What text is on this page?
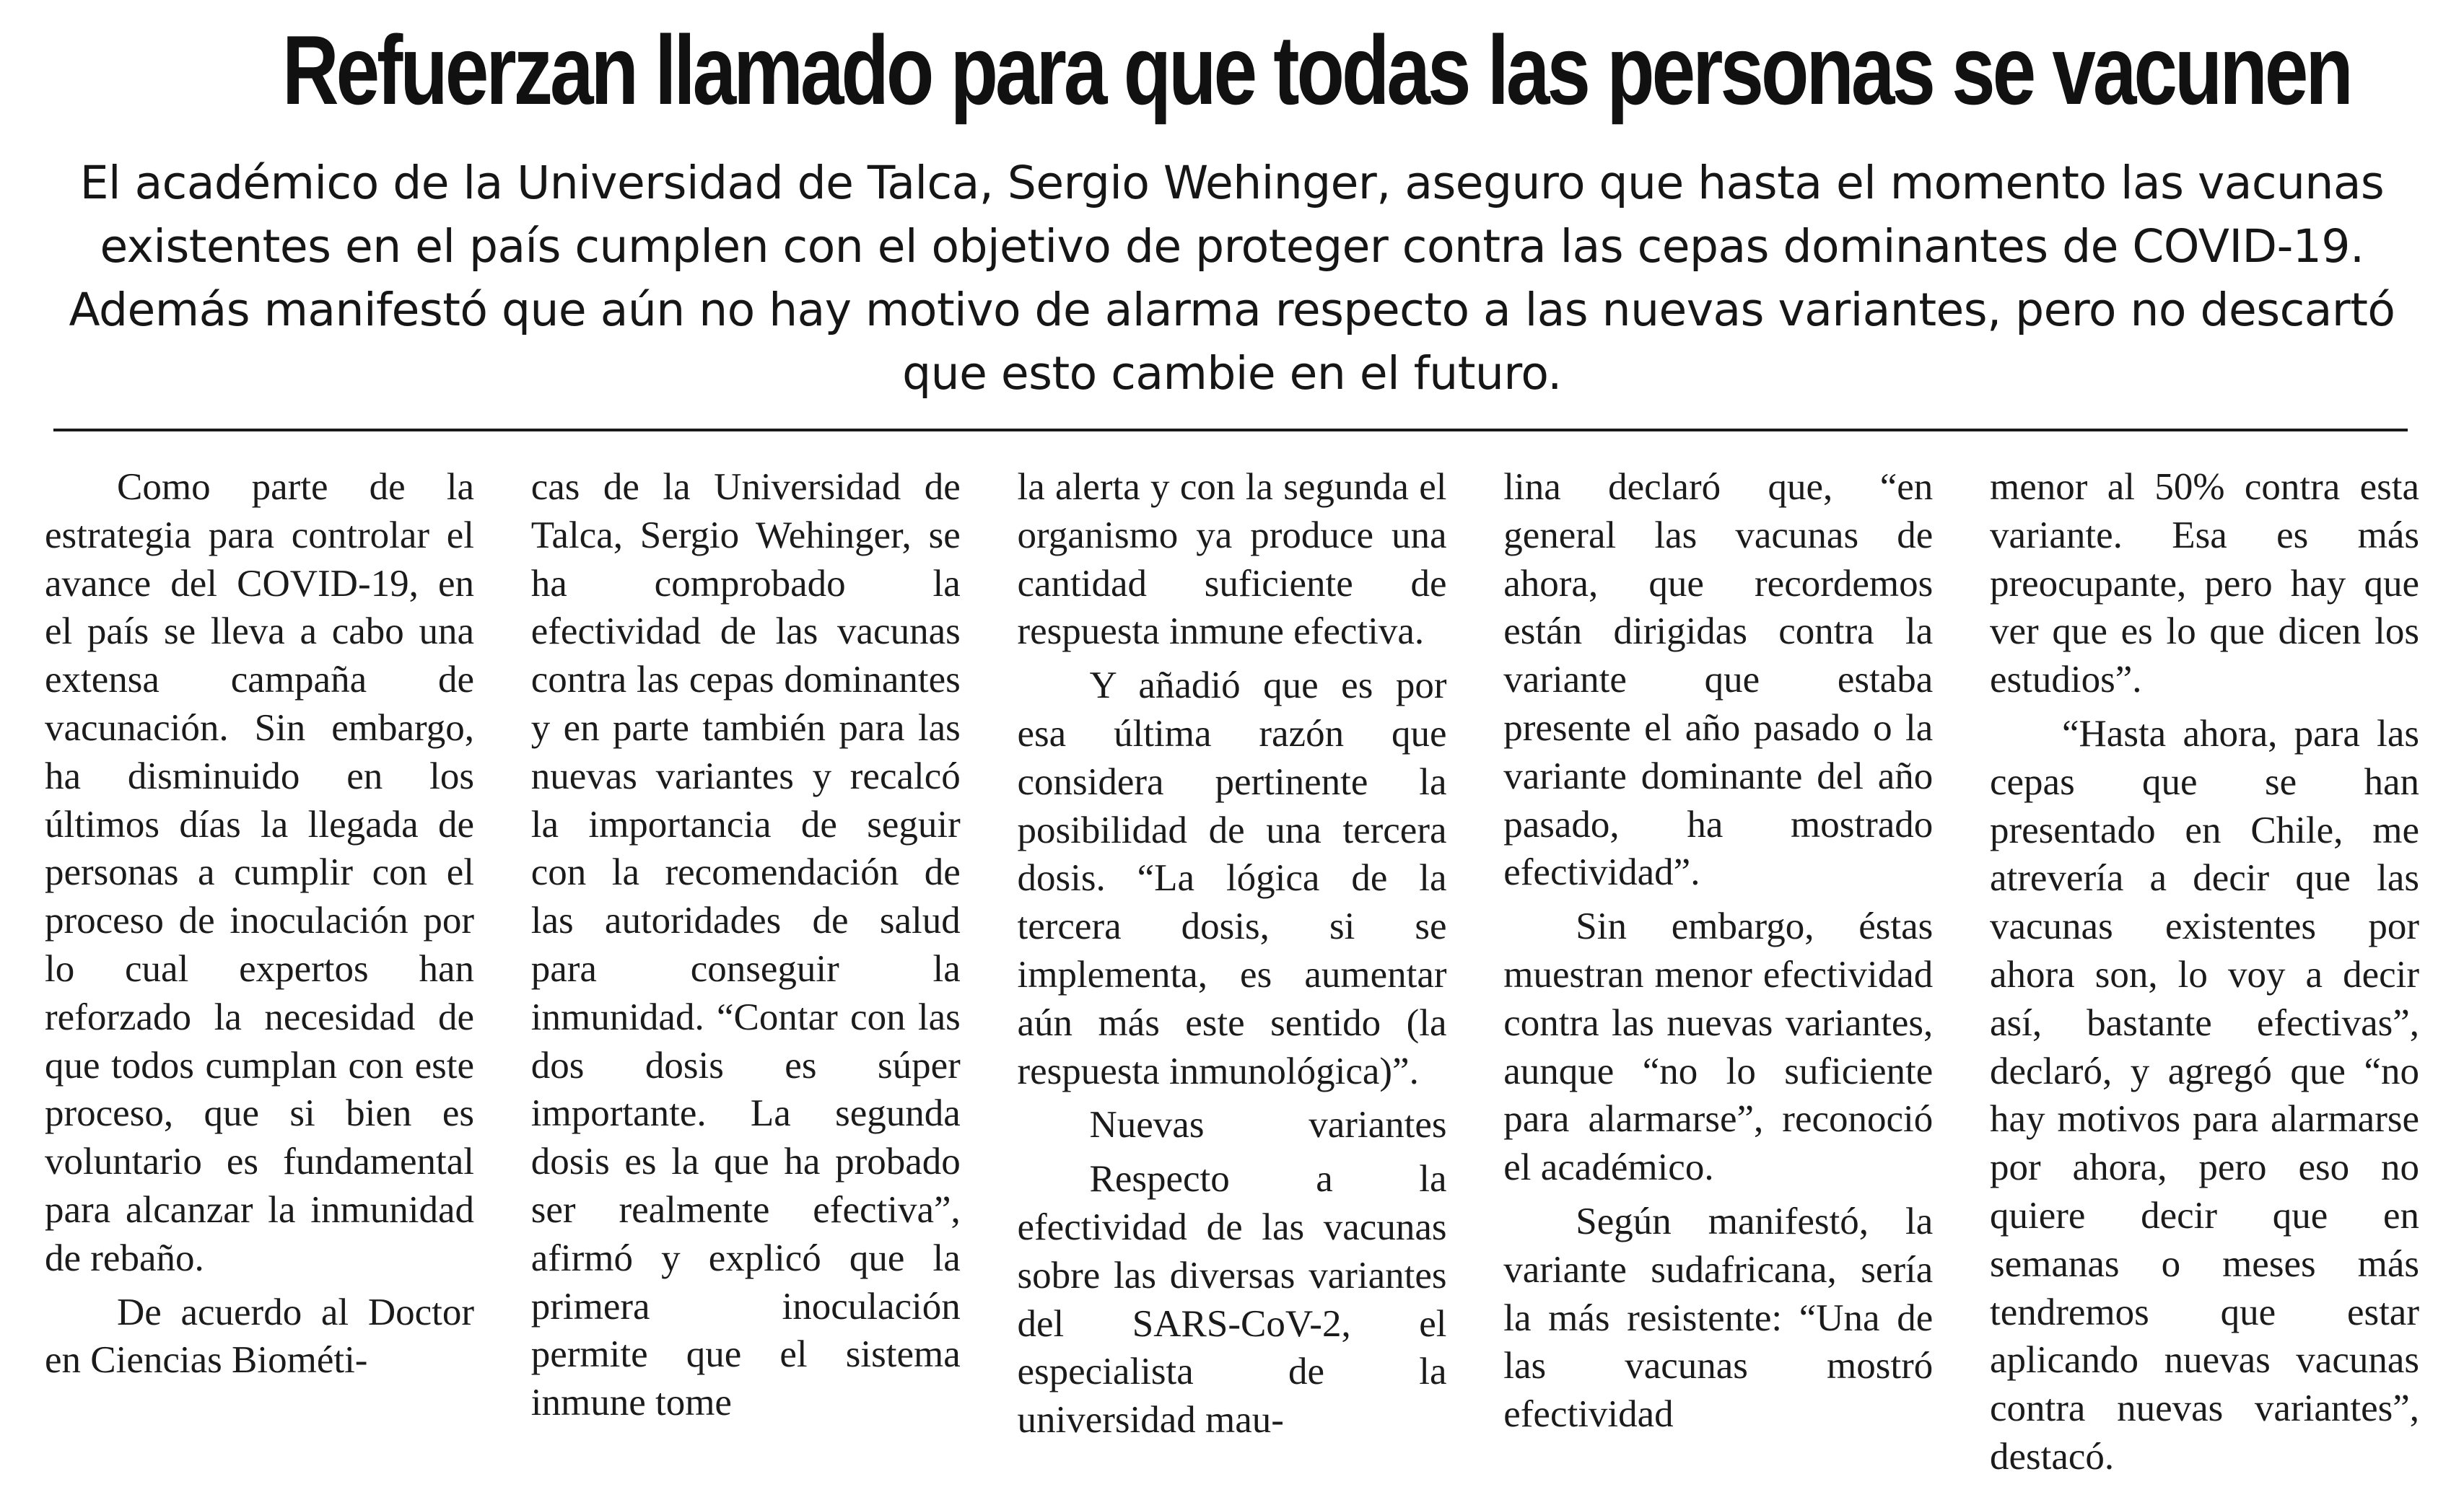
Refuerzan llamado para que todas las personas se vacunen

El académico de la Universidad de Talca, Sergio Wehinger, aseguro que hasta el momento las vacunas existentes en el país cumplen con el objetivo de proteger contra las cepas dominantes de COVID-19. Además manifestó que aún no hay motivo de alarma respecto a las nuevas variantes, pero no descartó que esto cambie en el futuro.

Como parte de la estrategia para controlar el avance del COVID-19, en el país se lleva a cabo una extensa campaña de vacunación. Sin embargo, ha disminuido en los últimos días la llegada de personas a cumplir con el proceso de inoculación por lo cual expertos han reforzado la necesidad de que todos cumplan con este proceso, que si bien es voluntario es fundamental para alcanzar la inmunidad de rebaño.

De acuerdo al Doctor en Ciencias Biométi-

cas de la Universidad de Talca, Sergio Wehinger, se ha comprobado la efectividad de las vacunas contra las cepas dominantes y en parte también para las nuevas variantes y recalcó la importancia de seguir con la recomendación de las autoridades de salud para conseguir la inmunidad. “Contar con las dos dosis es súper importante. La segunda dosis es la que ha probado ser realmente efectiva”, afirmó y explicó que la primera inoculación permite que el sistema inmune tome

la alerta y con la segunda el organismo ya produce una cantidad suficiente de respuesta inmune efectiva.

Y añadió que es por esa última razón que considera pertinente la posibilidad de una tercera dosis. “La lógica de la tercera dosis, si se implementa, es aumentar aún más este sentido (la respuesta inmunológica)”.

Nuevas variantes

Respecto a la efectividad de las vacunas sobre las diversas variantes del SARS-CoV-2, el especialista de la universidad mau-

lina declaró que, “en general las vacunas de ahora, que recordemos están dirigidas contra la variante que estaba presente el año pasado o la variante dominante del año pasado, ha mostrado efectividad”.

Sin embargo, éstas muestran menor efectividad contra las nuevas variantes, aunque “no lo suficiente para alarmarse”, reconoció el académico.

Según manifestó, la variante sudafricana, sería la más resistente: “Una de las vacunas mostró efectividad

menor al 50% contra esta variante. Esa es más preocupante, pero hay que ver que es lo que dicen los estudios”.

“Hasta ahora, para las cepas que se han presentado en Chile, me atrevería a decir que las vacunas existentes por ahora son, lo voy a decir así, bastante efectivas”, declaró, y agregó que “no hay motivos para alarmarse por ahora, pero eso no quiere decir que en semanas o meses más tendremos que estar aplicando nuevas vacunas contra nuevas variantes”, destacó.
